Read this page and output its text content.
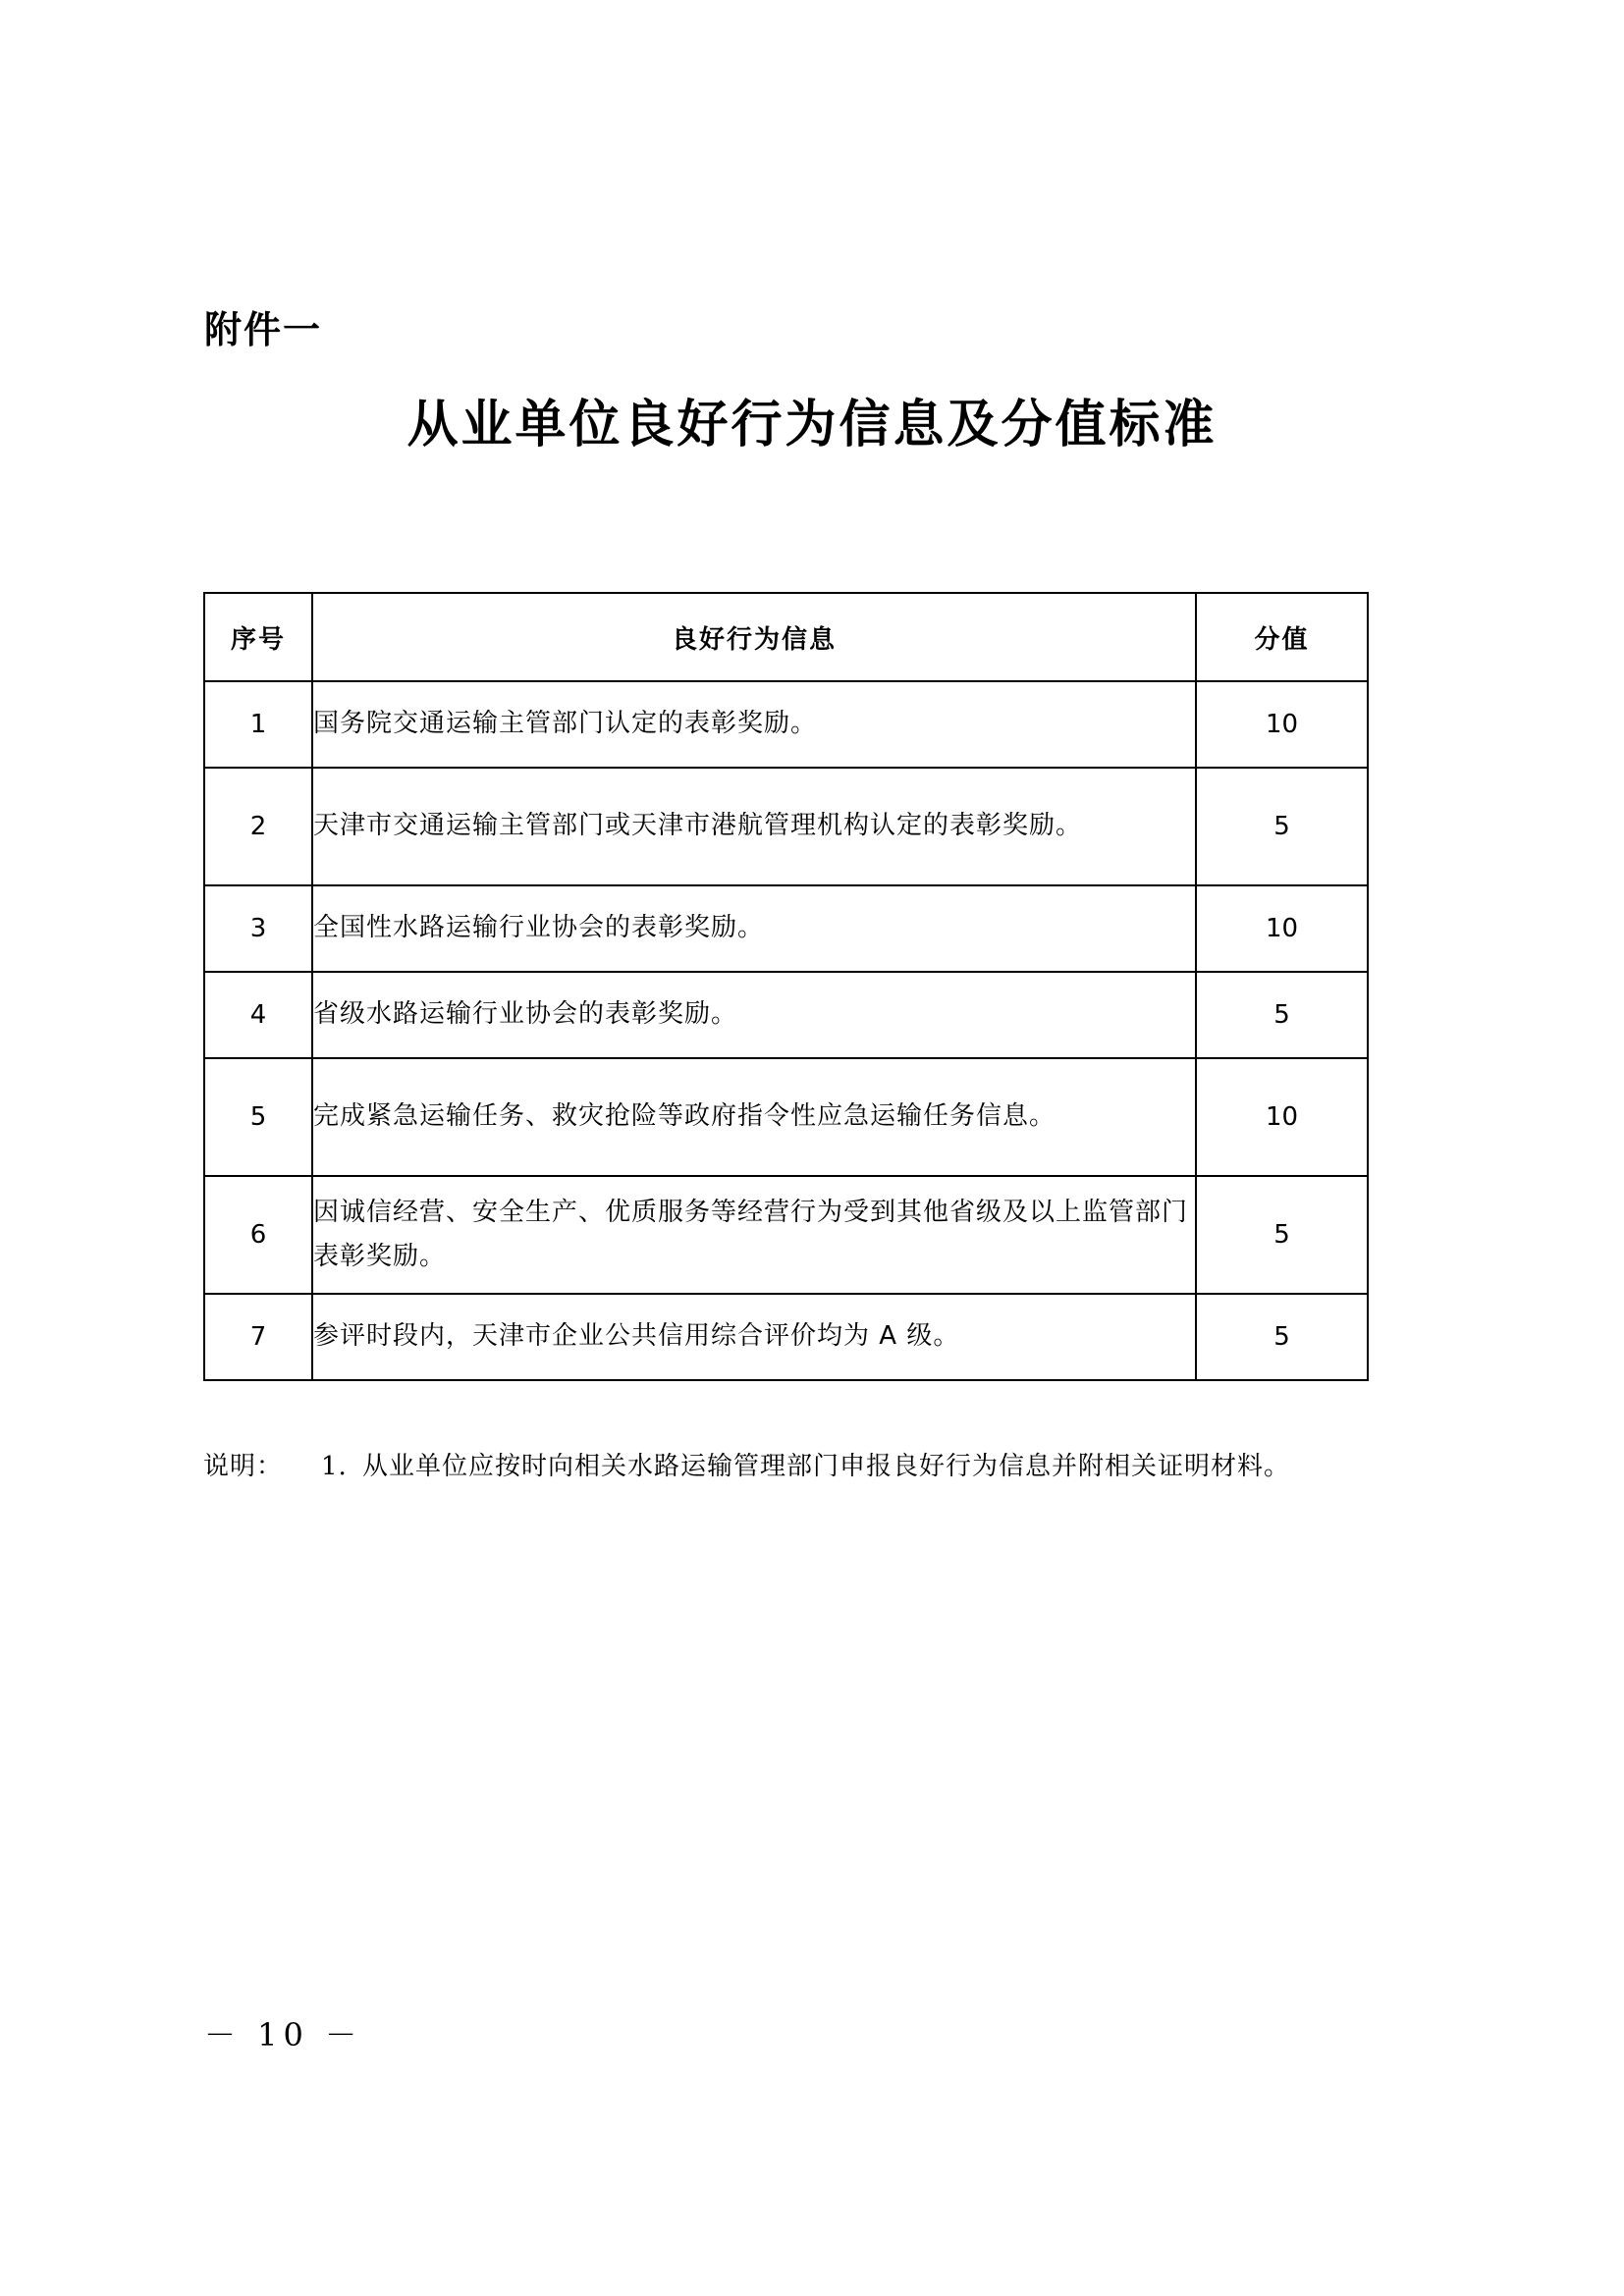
附件一
从业单位良好行为信息及分值标准
序号	良好行为信息	分值
1	国务院交通运输主管部门认定的表彰奖励。	10
2	天津市交通运输主管部门或天津市港航管理机构认定的表彰奖励。	5
3	全国性水路运输行业协会的表彰奖励。	10
4	省级水路运输行业协会的表彰奖励。	5
5	完成紧急运输任务、救灾抢险等政府指令性应急运输任务信息。	10
6	因诚信经营、安全生产、优质服务等经营行为受到其他省级及以上监管部门表彰奖励。	5
7	参评时段内，天津市企业公共信用综合评价均为 A 级。	5
说明： 1. 从业单位应按时向相关水路运输管理部门申报良好行为信息并附相关证明材料。
－ 10 －
